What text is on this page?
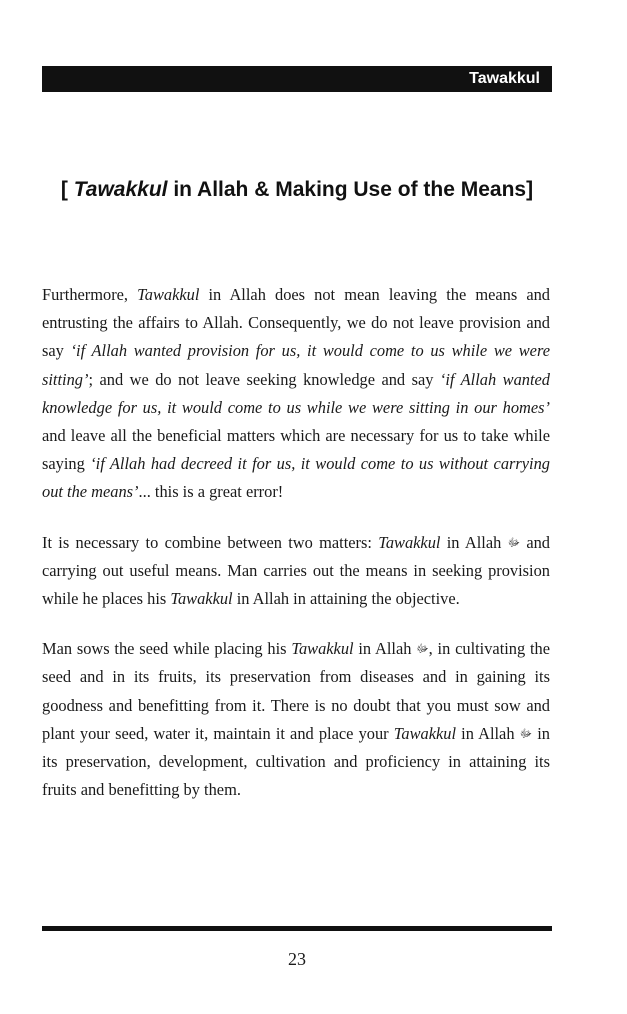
Tawakkul
[ Tawakkul in Allah & Making Use of the Means]

Furthermore, Tawakkul in Allah does not mean leaving the means and entrusting the affairs to Allah. Consequently, we do not leave provision and say ‘if Allah wanted provision for us, it would come to us while we were sitting’; and we do not leave seeking knowledge and say ‘if Allah wanted knowledge for us, it would come to us while we were sitting in our homes’ and leave all the beneficial matters which are necessary for us to take while saying ‘if Allah had decreed it for us, it would come to us without carrying out the means’... this is a great error!

It is necessary to combine between two matters: Tawakkul in Allah ﷻ and carrying out useful means. Man carries out the means in seeking provision while he places his Tawakkul in Allah in attaining the objective.

Man sows the seed while placing his Tawakkul in Allah ﷻ, in cultivating the seed and in its fruits, its preservation from diseases and in gaining its goodness and benefitting from it. There is no doubt that you must sow and plant your seed, water it, maintain it and place your Tawakkul in Allah ﷻ in its preservation, development, cultivation and proficiency in attaining its fruits and benefitting by them.

23
